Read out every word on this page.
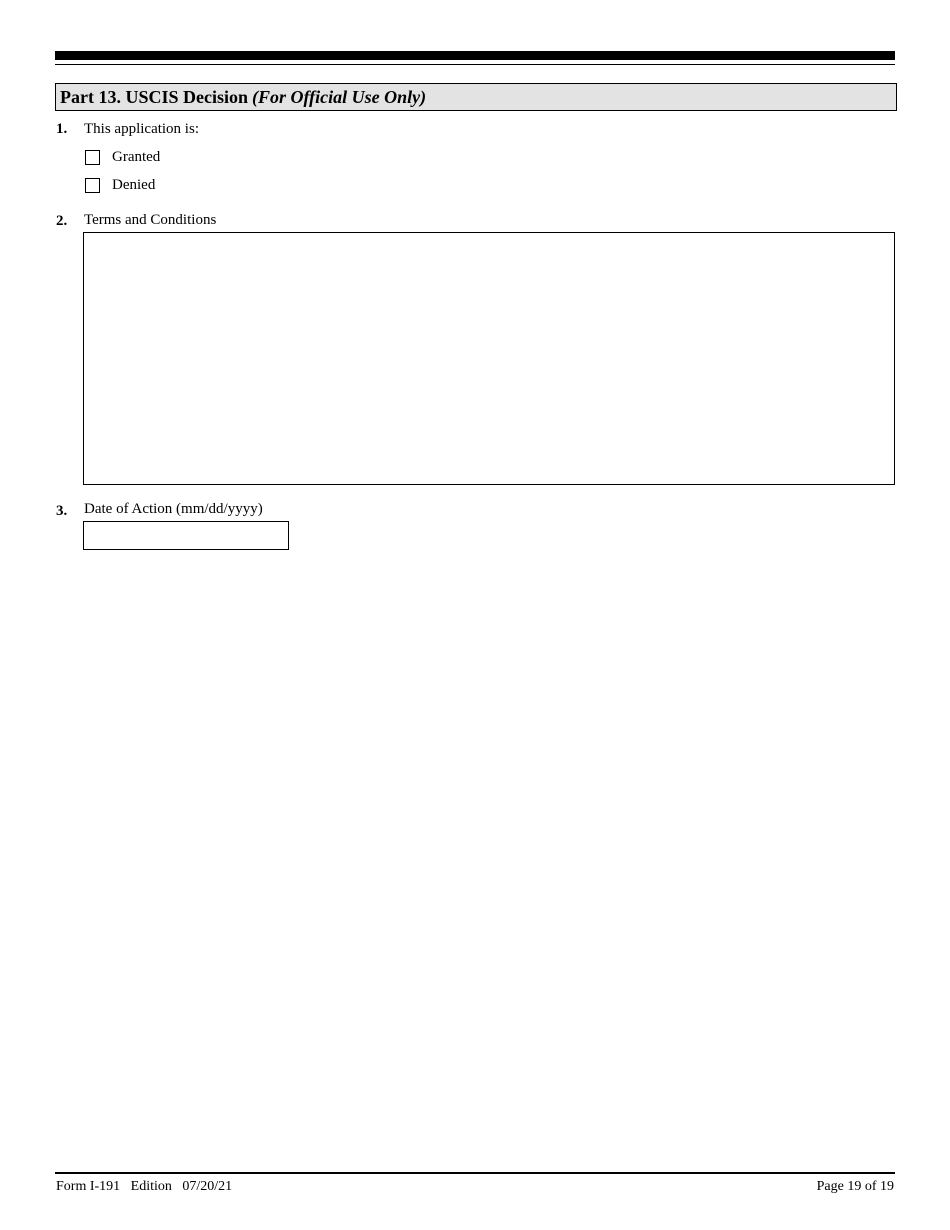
Part 13. USCIS Decision (For Official Use Only)
1. This application is:
Granted
Denied
2. Terms and Conditions
3. Date of Action (mm/dd/yyyy)
Form I-191   Edition   07/20/21	Page 19 of 19
